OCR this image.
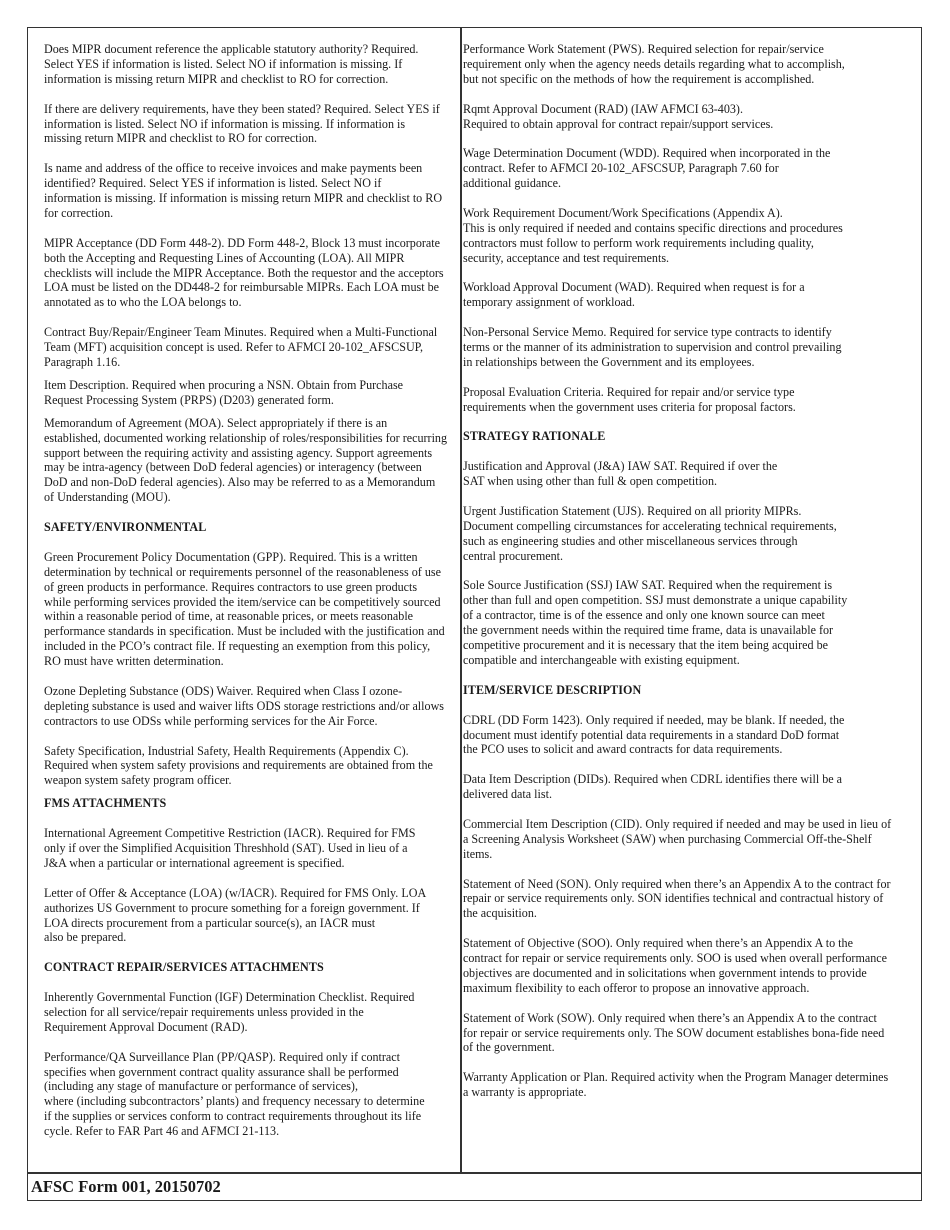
Does MIPR document reference the applicable statutory authority? Required.
Select YES if information is listed. Select NO if information is missing. If
information is missing return MIPR and checklist to RO for correction.

If there are delivery requirements, have they been stated? Required. Select YES if
information is listed. Select NO if information is missing. If information is
missing return MIPR and checklist to RO for correction.

Is name and address of the office to receive invoices and make payments been
identified? Required. Select YES if information is listed. Select NO if
information is missing. If information is missing return MIPR and checklist to RO
for correction.

MIPR Acceptance (DD Form 448-2). DD Form 448-2, Block 13 must incorporate
both the Accepting and Requesting Lines of Accounting (LOA). All MIPR
checklists will include the MIPR Acceptance. Both the requestor and the acceptors
LOA must be listed on the DD448-2 for reimbursable MIPRs. Each LOA must be
annotated as to who the LOA belongs to.

Contract Buy/Repair/Engineer Team Minutes. Required when a Multi-Functional
Team (MFT) acquisition concept is used. Refer to AFMCI 20-102_AFSCSUP,
Paragraph 1.16.

Item Description. Required when procuring a NSN. Obtain from Purchase
Request Processing System (PRPS) (D203) generated form.

Memorandum of Agreement (MOA). Select appropriately if there is an
established, documented working relationship of roles/responsibilities for recurring
support between the requiring activity and assisting agency. Support agreements
may be intra-agency (between DoD federal agencies) or interagency (between
DoD and non-DoD federal agencies). Also may be referred to as a Memorandum
of Understanding (MOU).

SAFETY/ENVIRONMENTAL

Green Procurement Policy Documentation (GPP). Required. This is a written
determination by technical or requirements personnel of the reasonableness of use
of green products in performance. Requires contractors to use green products
while performing services provided the item/service can be competitively sourced
within a reasonable period of time, at reasonable prices, or meets reasonable
performance standards in specification. Must be included with the justification and
included in the PCO’s contract file. If requesting an exemption from this policy,
RO must have written determination.

Ozone Depleting Substance (ODS) Waiver. Required when Class I ozone-
depleting substance is used and waiver lifts ODS storage restrictions and/or allows
contractors to use ODSs while performing services for the Air Force.

Safety Specification, Industrial Safety, Health Requirements (Appendix C).
Required when system safety provisions and requirements are obtained from the
weapon system safety program officer.

FMS ATTACHMENTS

International Agreement Competitive Restriction (IACR). Required for FMS
only if over the Simplified Acquisition Threshhold (SAT). Used in lieu of a
J&A when a particular or international agreement is specified.

Letter of Offer & Acceptance (LOA) (w/IACR). Required for FMS Only. LOA
authorizes US Government to procure something for a foreign government. If
LOA directs procurement from a particular source(s), an IACR must
also be prepared.

CONTRACT REPAIR/SERVICES ATTACHMENTS

Inherently Governmental Function (IGF) Determination Checklist. Required
selection for all service/repair requirements unless provided in the
Requirement Approval Document (RAD).

Performance/QA Surveillance Plan (PP/QASP). Required only if contract
specifies when government contract quality assurance shall be performed
(including any stage of manufacture or performance of services),
where (including subcontractors’ plants) and frequency necessary to determine
if the supplies or services conform to contract requirements throughout its life
cycle. Refer to FAR Part 46 and AFMCI 21-113.

Performance Work Statement (PWS). Required selection for repair/service
requirement only when the agency needs details regarding what to accomplish,
but not specific on the methods of how the requirement is accomplished.

Rqmt Approval Document (RAD) (IAW AFMCI 63-403).
Required to obtain approval for contract repair/support services.

Wage Determination Document (WDD). Required when incorporated in the
contract. Refer to AFMCI 20-102_AFSCSUP, Paragraph 7.60 for
additional guidance.

Work Requirement Document/Work Specifications (Appendix A).
This is only required if needed and contains specific directions and procedures
contractors must follow to perform work requirements including quality,
security, acceptance and test requirements.

Workload Approval Document (WAD). Required when request is for a
temporary assignment of workload.

Non-Personal Service Memo. Required for service type contracts to identify
terms or the manner of its administration to supervision and control prevailing
in relationships between the Government and its employees.

Proposal Evaluation Criteria. Required for repair and/or service type
requirements when the government uses criteria for proposal factors.

STRATEGY RATIONALE

Justification and Approval (J&A) IAW SAT. Required if over the
SAT when using other than full & open competition.

Urgent Justification Statement (UJS). Required on all priority MIPRs.
Document compelling circumstances for accelerating technical requirements,
such as engineering studies and other miscellaneous services through
central procurement.

Sole Source Justification (SSJ) IAW SAT. Required when the requirement is
other than full and open competition. SSJ must demonstrate a unique capability
of a contractor, time is of the essence and only one known source can meet
the government needs within the required time frame, data is unavailable for
competitive procurement and it is necessary that the item being acquired be
compatible and interchangeable with existing equipment.

ITEM/SERVICE DESCRIPTION

CDRL (DD Form 1423). Only required if needed, may be blank. If needed, the
document must identify potential data requirements in a standard DoD format
the PCO uses to solicit and award contracts for data requirements.

Data Item Description (DIDs). Required when CDRL identifies there will be a
delivered data list.

Commercial Item Description (CID). Only required if needed and may be used in lieu of
a Screening Analysis Worksheet (SAW) when purchasing Commercial Off-the-Shelf
items.

Statement of Need (SON). Only required when there’s an Appendix A to the contract for
repair or service requirements only. SON identifies technical and contractual history of
the acquisition.

Statement of Objective (SOO). Only required when there’s an Appendix A to the
contract for repair or service requirements only. SOO is used when overall performance
objectives are documented and in solicitations when government intends to provide
maximum flexibility to each offeror to propose an innovative approach.

Statement of Work (SOW). Only required when there’s an Appendix A to the contract
for repair or service requirements only. The SOW document establishes bona-fide need
of the government.

Warranty Application or Plan. Required activity when the Program Manager determines
a warranty is appropriate.

AFSC Form 001, 20150702
